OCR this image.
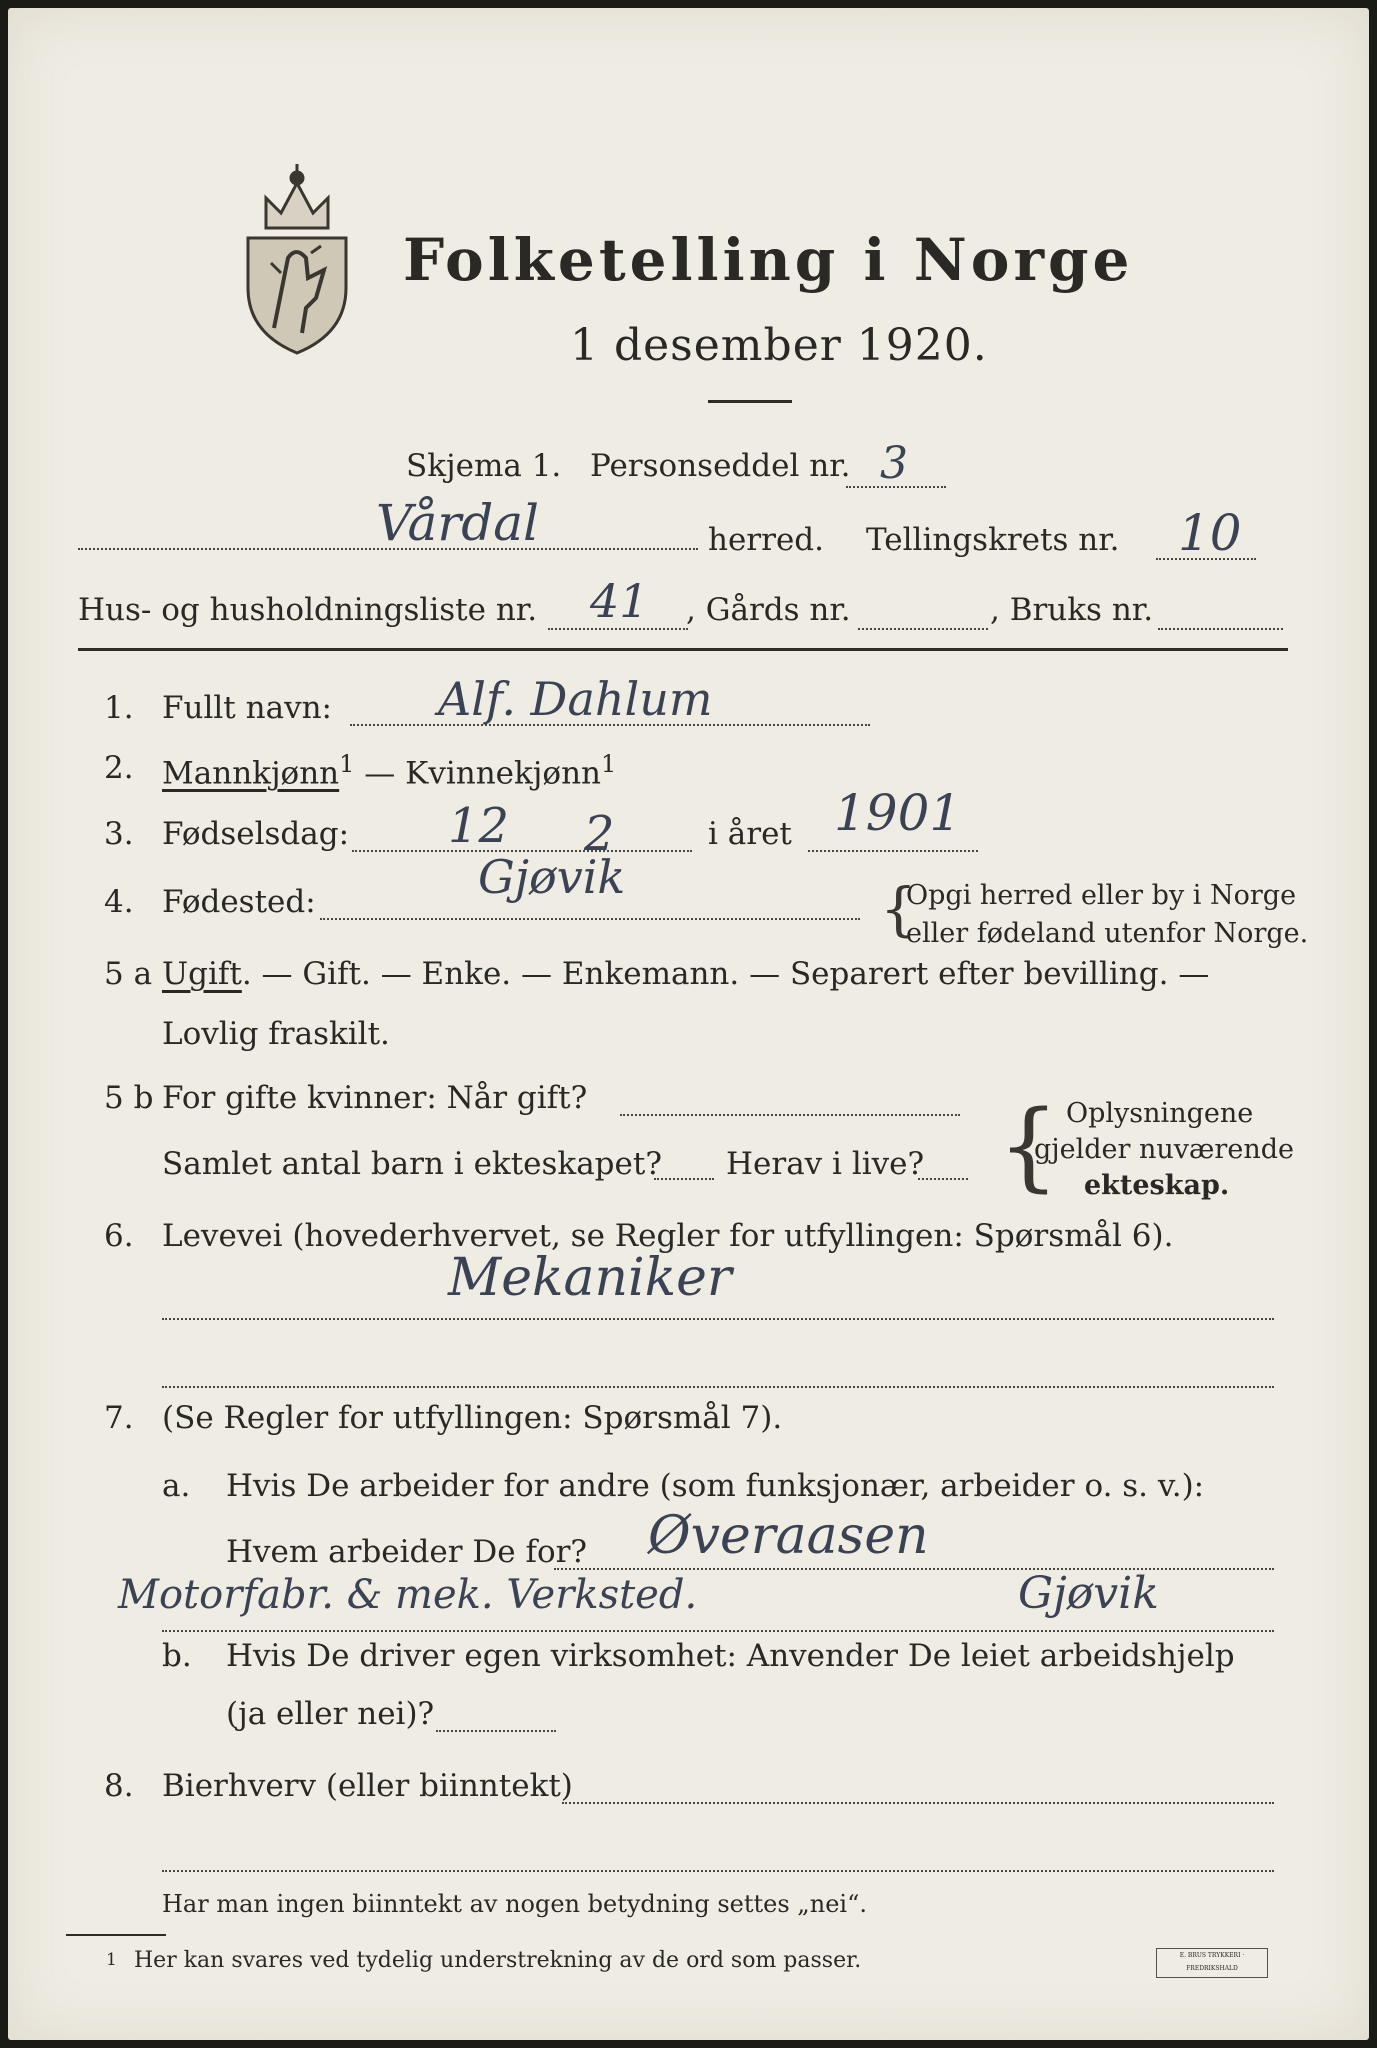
Folketelling i Norge
1 desember 1920.
Skjema 1. Personseddel nr. 3
Vårdal	herred. Tellingskrets nr. 10
Hus- og husholdningsliste nr. 41 , Gårds nr.	, Bruks nr.
1. Fullt navn: Alf. Dahlum
2. Mannkjønn$^1$ — Kvinnekjønn$^1$
3. Fødselsdag: 12 2	i året 1901
4. Fødested:	Gjøvik	{
Opgi herred eller by i Norge
eller fødeland utenfor Norge.
5 a Ugift. — Gift. — Enke. — Enkemann. — Separert efter bevilling. —
Lovlig fraskilt.
5 b For gifte kvinner: Når gift?
Samlet antal barn i ekteskapet? Herav i live? { Oplysningene
gjelder nuværende
ekteskap.
6. Levevei (hovederhvervet, se Regler for utfyllingen: Spørsmål 6).
Mekaniker
7. (Se Regler for utfyllingen: Spørsmål 7).
a. Hvis De arbeider for andre (som funksjonær, arbeider o. s. v.):
Hvem arbeider De for? Øveraasen
Motorfabr. & mek. Verksted.	Gjøvik
b. Hvis De driver egen virksomhet: Anvender De leiet arbeidshjelp
(ja eller nei)?
8. Bierhverv (eller biinntekt)
Har man ingen biinntekt av nogen betydning settes „nei“.
1 Her kan svares ved tydelig understrekning av de ord som passer.	E. BRUS TRYKKERI · FREDRIKSHALD
